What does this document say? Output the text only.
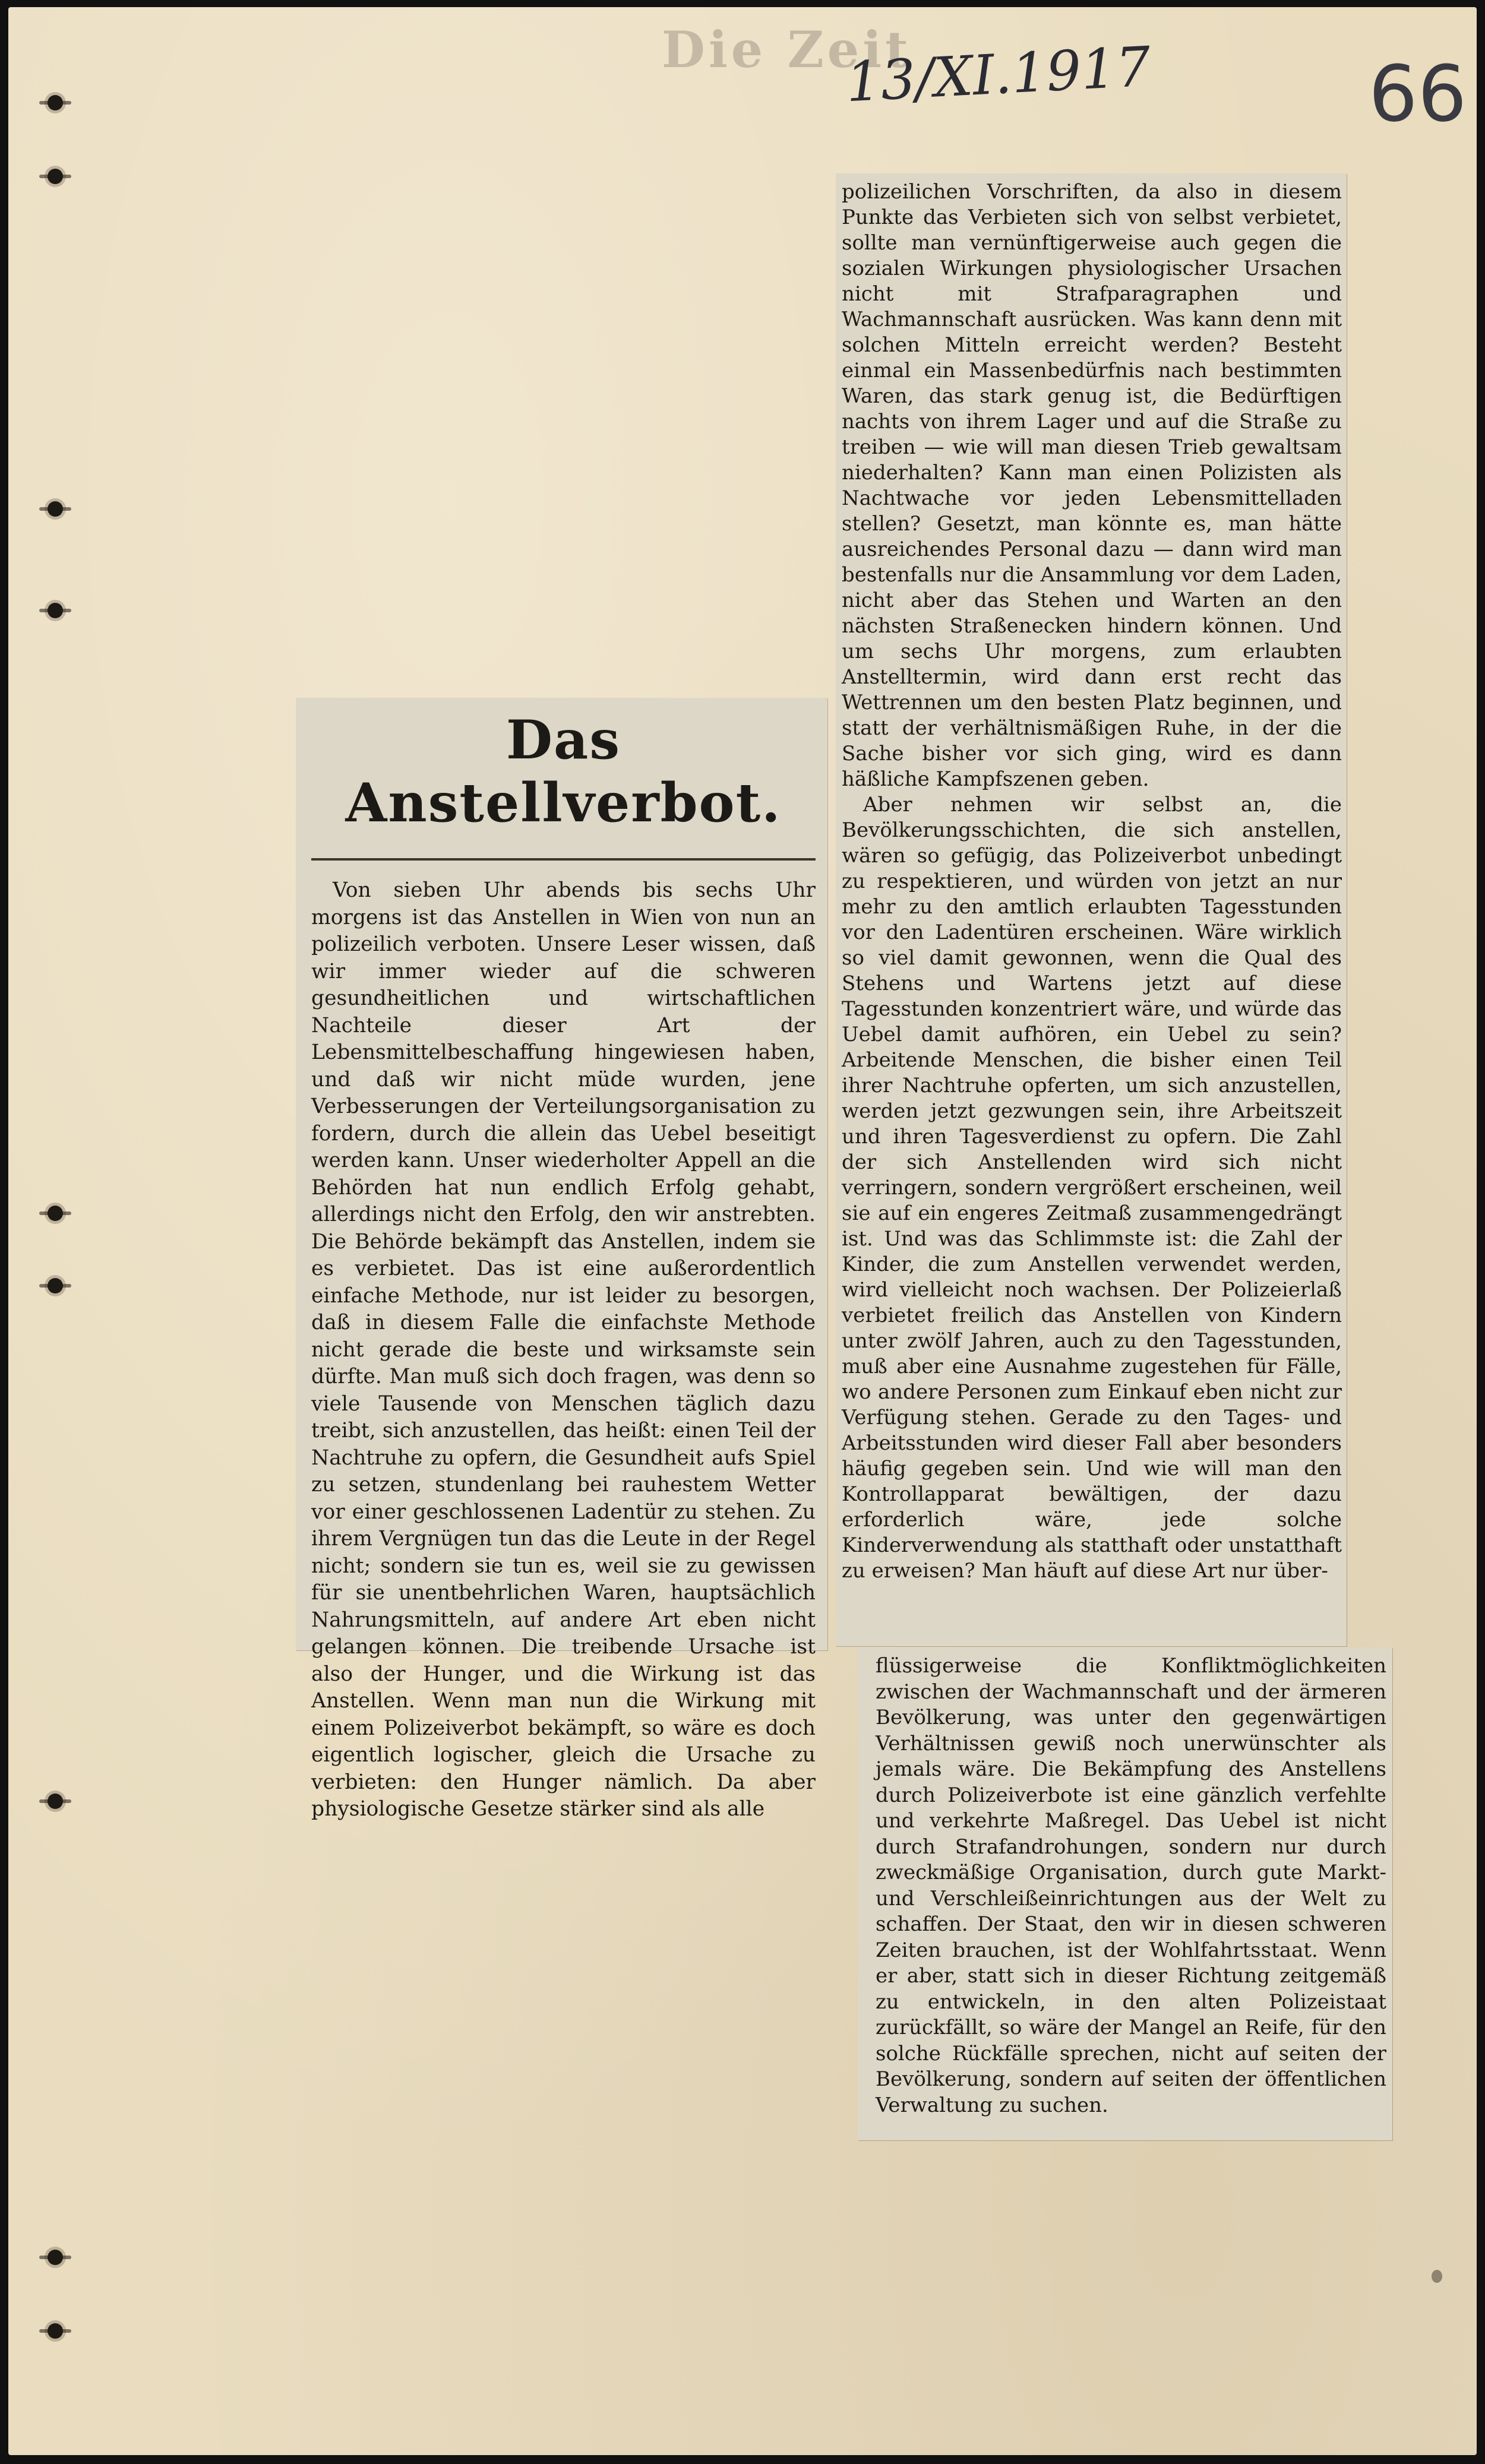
Die Zeit
13/XI.1917	66
Das Anstellverbot.

Von sieben Uhr abends bis sechs Uhr morgens ist das Anstellen in Wien von nun an polizeilich verboten. Unsere Leser wissen, daß wir immer wieder auf die schweren gesundheitlichen und wirtschaftlichen Nachteile dieser Art der Lebensmittelbeschaffung hingewiesen haben, und daß wir nicht müde wurden, jene Verbesserungen der Verteilungsorganisation zu fordern, durch die allein das Uebel beseitigt werden kann. Unser wiederholter Appell an die Behörden hat nun endlich Erfolg gehabt, allerdings nicht den Erfolg, den wir anstrebten. Die Behörde bekämpft das Anstellen, indem sie es verbietet. Das ist eine außerordentlich einfache Methode, nur ist leider zu besorgen, daß in diesem Falle die einfachste Methode nicht gerade die beste und wirksamste sein dürfte. Man muß sich doch fragen, was denn so viele Tausende von Menschen täglich dazu treibt, sich anzustellen, das heißt: einen Teil der Nachtruhe zu opfern, die Gesundheit aufs Spiel zu setzen, stundenlang bei rauhestem Wetter vor einer geschlossenen Ladentür zu stehen. Zu ihrem Vergnügen tun das die Leute in der Regel nicht; sondern sie tun es, weil sie zu gewissen für sie unentbehrlichen Waren, hauptsächlich Nahrungsmitteln, auf andere Art eben nicht gelangen können. Die treibende Ursache ist also der Hunger, und die Wirkung ist das Anstellen. Wenn man nun die Wirkung mit einem Polizeiverbot bekämpft, so wäre es doch eigentlich logischer, gleich die Ursache zu verbieten: den Hunger nämlich. Da aber physiologische Gesetze stärker sind als alle

polizeilichen Vorschriften, da also in diesem Punkte das Verbieten sich von selbst verbietet, sollte man vernünftigerweise auch gegen die sozialen Wirkungen physiologischer Ursachen nicht mit Strafparagraphen und Wachmannschaft ausrücken. Was kann denn mit solchen Mitteln erreicht werden? Besteht einmal ein Massenbedürfnis nach bestimmten Waren, das stark genug ist, die Bedürftigen nachts von ihrem Lager und auf die Straße zu treiben — wie will man diesen Trieb gewaltsam niederhalten? Kann man einen Polizisten als Nachtwache vor jeden Lebensmittelladen stellen? Gesetzt, man könnte es, man hätte ausreichendes Personal dazu — dann wird man bestenfalls nur die Ansammlung vor dem Laden, nicht aber das Stehen und Warten an den nächsten Straßenecken hindern können. Und um sechs Uhr morgens, zum erlaubten Anstelltermin, wird dann erst recht das Wettrennen um den besten Platz beginnen, und statt der verhältnismäßigen Ruhe, in der die Sache bisher vor sich ging, wird es dann häßliche Kampfszenen geben.

Aber nehmen wir selbst an, die Bevölkerungsschichten, die sich anstellen, wären so gefügig, das Polizeiverbot unbedingt zu respektieren, und würden von jetzt an nur mehr zu den amtlich erlaubten Tagesstunden vor den Ladentüren erscheinen. Wäre wirklich so viel damit gewonnen, wenn die Qual des Stehens und Wartens jetzt auf diese Tagesstunden konzentriert wäre, und würde das Uebel damit aufhören, ein Uebel zu sein? Arbeitende Menschen, die bisher einen Teil ihrer Nachtruhe opferten, um sich anzustellen, werden jetzt gezwungen sein, ihre Arbeitszeit und ihren Tagesverdienst zu opfern. Die Zahl der sich Anstellenden wird sich nicht verringern, sondern vergrößert erscheinen, weil sie auf ein engeres Zeitmaß zusammengedrängt ist. Und was das Schlimmste ist: die Zahl der Kinder, die zum Anstellen verwendet werden, wird vielleicht noch wachsen. Der Polizeierlaß verbietet freilich das Anstellen von Kindern unter zwölf Jahren, auch zu den Tagesstunden, muß aber eine Ausnahme zugestehen für Fälle, wo andere Personen zum Einkauf eben nicht zur Verfügung stehen. Gerade zu den Tages- und Arbeitsstunden wird dieser Fall aber besonders häufig gegeben sein. Und wie will man den Kontrollapparat bewältigen, der dazu erforderlich wäre, jede solche Kinderverwendung als statthaft oder unstatthaft zu erweisen? Man häuft auf diese Art nur über-

flüssigerweise die Konfliktmöglichkeiten zwischen der Wachmannschaft und der ärmeren Bevölkerung, was unter den gegenwärtigen Verhältnissen gewiß noch unerwünschter als jemals wäre. Die Bekämpfung des Anstellens durch Polizeiverbote ist eine gänzlich verfehlte und verkehrte Maßregel. Das Uebel ist nicht durch Strafandrohungen, sondern nur durch zweckmäßige Organisation, durch gute Markt- und Verschleißeinrichtungen aus der Welt zu schaffen. Der Staat, den wir in diesen schweren Zeiten brauchen, ist der Wohlfahrtsstaat. Wenn er aber, statt sich in dieser Richtung zeitgemäß zu entwickeln, in den alten Polizeistaat zurückfällt, so wäre der Mangel an Reife, für den solche Rückfälle sprechen, nicht auf seiten der Bevölkerung, sondern auf seiten der öffentlichen Verwaltung zu suchen.
